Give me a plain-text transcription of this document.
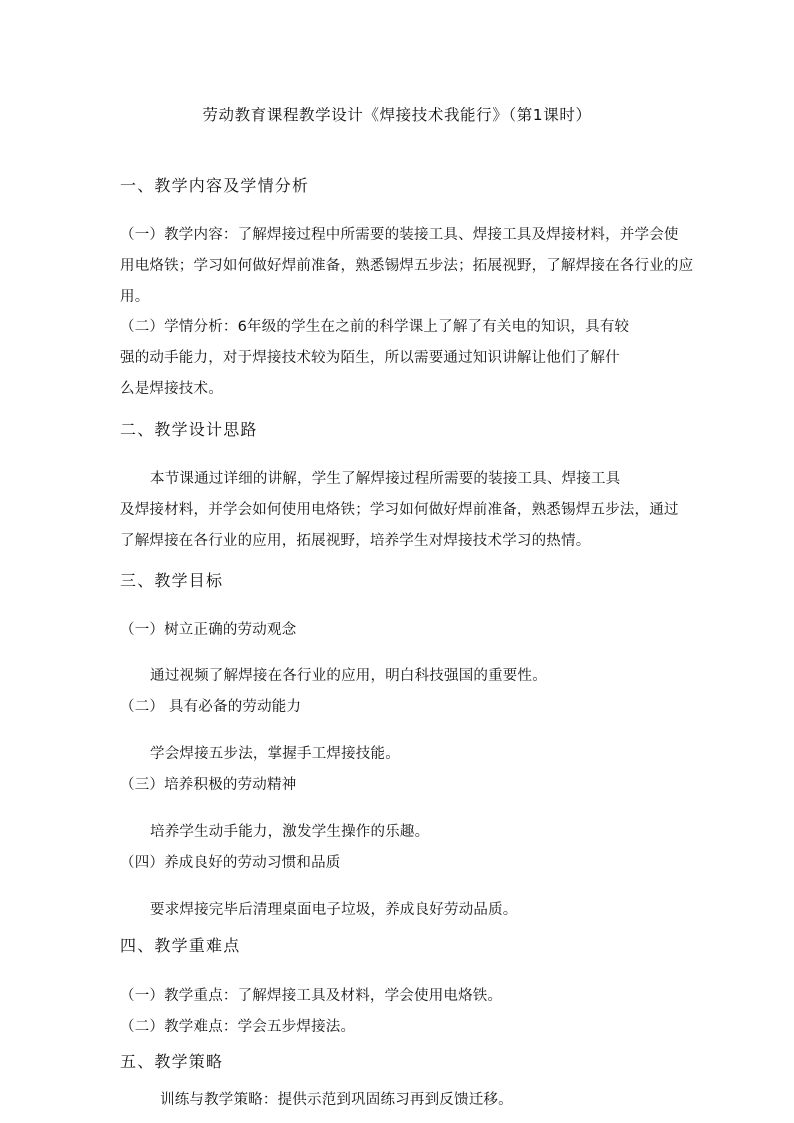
劳动教育课程教学设计《焊接技术我能行》（第1课时）
一、教学内容及学情分析
（一）教学内容：了解焊接过程中所需要的装接工具、焊接工具及焊接材料，并学会使
用电烙铁；学习如何做好焊前准备，熟悉锡焊五步法；拓展视野，了解焊接在各行业的应
用。
（二）学情分析：6年级的学生在之前的科学课上了解了有关电的知识，具有较
强的动手能力，对于焊接技术较为陌生，所以需要通过知识讲解让他们了解什
么是焊接技术。
二、教学设计思路
本节课通过详细的讲解，学生了解焊接过程所需要的装接工具、焊接工具
及焊接材料，并学会如何使用电烙铁；学习如何做好焊前准备，熟悉锡焊五步法，通过
了解焊接在各行业的应用，拓展视野，培养学生对焊接技术学习的热情。
三、教学目标
（一）树立正确的劳动观念
通过视频了解焊接在各行业的应用，明白科技强国的重要性。
（二） 具有必备的劳动能力
学会焊接五步法，掌握手工焊接技能。
（三）培养积极的劳动精神
培养学生动手能力，激发学生操作的乐趣。
（四）养成良好的劳动习惯和品质
要求焊接完毕后清理桌面电子垃圾，养成良好劳动品质。
四、教学重难点
（一）教学重点：了解焊接工具及材料，学会使用电烙铁。
（二）教学难点：学会五步焊接法。
五、教学策略
训练与教学策略：提供示范到巩固练习再到反馈迁移。
